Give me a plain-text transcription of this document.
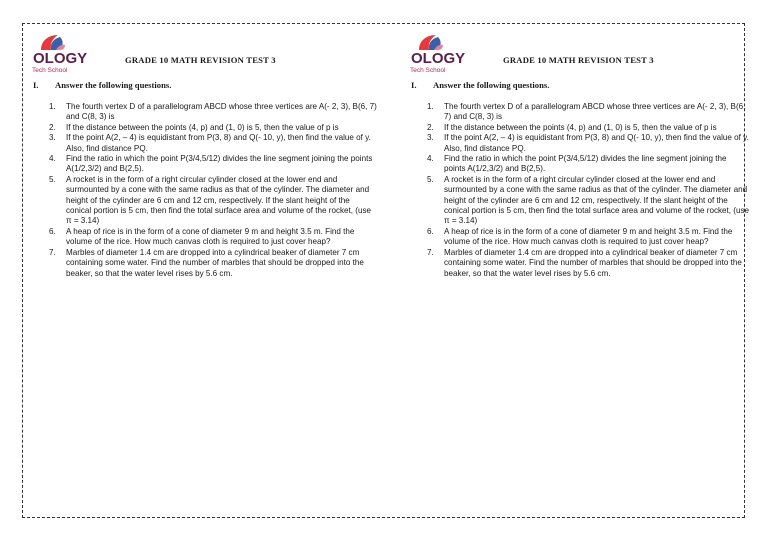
OLOGY
Tech School
GRADE 10 MATH REVISION TEST 3
I. Answer the following questions.
1. The fourth vertex D of a parallelogram ABCD whose three vertices are A(- 2, 3), B(6, 7) and C(8, 3) is
2. If the distance between the points (4, p) and (1, 0) is 5, then the value of p is
3. If the point A(2, – 4) is equidistant from P(3, 8) and Q(- 10, y), then find the value of y. Also, find distance PQ.
4. Find the ratio in which the point P(3/4,5/12) divides the line segment joining the points A(1/2,3/2) and B(2,5).
5. A rocket is in the form of a right circular cylinder closed at the lower end and surmounted by a cone with the same radius as that of the cylinder. The diameter and height of the cylinder are 6 cm and 12 cm, respectively. If the slant height of the conical portion is 5 cm, then find the total surface area and volume of the rocket, (use π = 3.14)
6. A heap of rice is in the form of a cone of diameter 9 m and height 3.5 m. Find the volume of the rice. How much canvas cloth is required to just cover heap?
7. Marbles of diameter 1.4 cm are dropped into a cylindrical beaker of diameter 7 cm containing some water. Find the number of marbles that should be dropped into the beaker, so that the water level rises by 5.6 cm.
OLOGY
Tech School
GRADE 10 MATH REVISION TEST 3
I. Answer the following questions.
1. The fourth vertex D of a parallelogram ABCD whose three vertices are A(- 2, 3), B(6, 7) and C(8, 3) is
2. If the distance between the points (4, p) and (1, 0) is 5, then the value of p is
3. If the point A(2, – 4) is equidistant from P(3, 8) and Q(- 10, y), then find the value of y. Also, find distance PQ.
4. Find the ratio in which the point P(3/4,5/12) divides the line segment joining the points A(1/2,3/2) and B(2,5).
5. A rocket is in the form of a right circular cylinder closed at the lower end and surmounted by a cone with the same radius as that of the cylinder. The diameter and height of the cylinder are 6 cm and 12 cm, respectively. If the slant height of the conical portion is 5 cm, then find the total surface area and volume of the rocket, (use π = 3.14)
6. A heap of rice is in the form of a cone of diameter 9 m and height 3.5 m. Find the volume of the rice. How much canvas cloth is required to just cover heap?
7. Marbles of diameter 1.4 cm are dropped into a cylindrical beaker of diameter 7 cm containing some water. Find the number of marbles that should be dropped into the beaker, so that the water level rises by 5.6 cm.
